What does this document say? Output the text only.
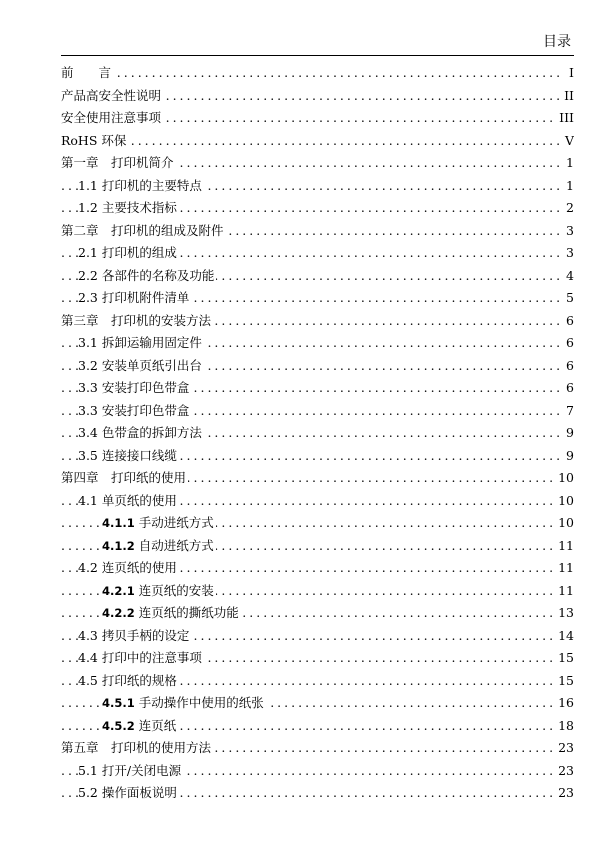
目录
.....
前　　言	I
.....
产品高安全性说明	II
.....
安全使用注意事项	III
.....
RoHS 环保	V
.....
第一章　打印机简介	1
.....
1.1 打印机的主要特点	1
.....
1.2 主要技术指标	2
.....
第二章　打印机的组成及附件	3
.....
2.1 打印机的组成	3
.....
2.2 各部件的名称及功能	4
.....
2.3 打印机附件清单	5
.....
第三章　打印机的安装方法	6
.....
3.1 拆卸运输用固定件	6
.....
3.2 安装单页纸引出台	6
.....
3.3 安装打印色带盒	6
.....
3.3 安装打印色带盒	7
.....
3.4 色带盒的拆卸方法	9
.....
3.5 连接接口线缆	9
.....
第四章　打印纸的使用	10
.....
4.1 单页纸的使用	10
.....
4.1.1 手动进纸方式	10
.....
4.1.2 自动进纸方式	11
.....
4.2 连页纸的使用	11
.....
4.2.1 连页纸的安装	11
.....
4.2.2 连页纸的撕纸功能	13
.....
4.3 拷贝手柄的设定	14
.....
4.4 打印中的注意事项	15
.....
4.5 打印纸的规格	15
.....
4.5.1 手动操作中使用的纸张	16
.....
4.5.2 连页纸	18
.....
第五章　打印机的使用方法	23
.....
5.1 打开/关闭电源	23
.....
5.2 操作面板说明	23
